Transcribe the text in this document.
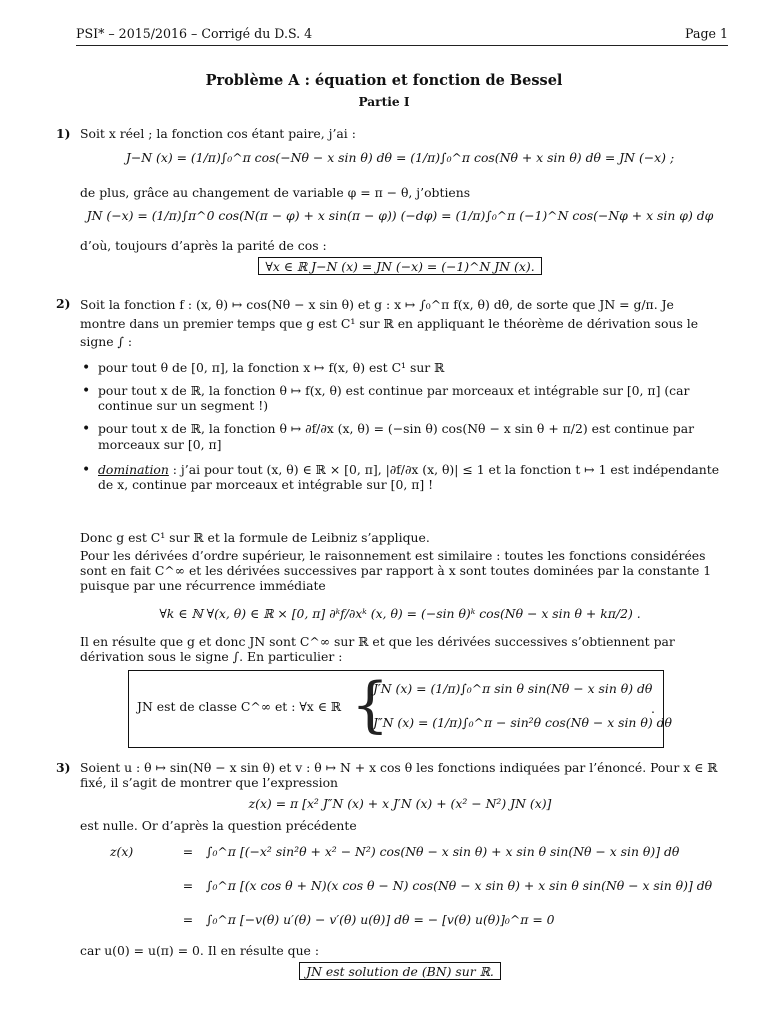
PSI* – 2015/2016 – Corrigé du D.S. 4	Page 1
Problème A : équation et fonction de Bessel
Partie I
1) Soit x réel ; la fonction cos étant paire, j’ai :
J−N (x) = (1/π)∫₀^π cos(−Nθ − x sin θ) dθ = (1/π)∫₀^π cos(Nθ + x sin θ) dθ = JN (−x) ;
de plus, grâce au changement de variable φ = π − θ, j’obtiens
JN (−x) = (1/π)∫π^0 cos(N(π − φ) + x sin(π − φ)) (−dφ) = (1/π)∫₀^π (−1)^N cos(−Nφ + x sin φ) dφ
d’où, toujours d’après la parité de cos :
∀x ∈ ℝ J−N (x) = JN (−x) = (−1)^N JN (x).
2) Soit la fonction f : (x, θ) ↦ cos(Nθ − x sin θ) et g : x ↦ ∫₀^π f(x, θ) dθ, de sorte que JN = g/π. Je montre dans un premier temps que g est C¹ sur ℝ en appliquant le théorème de dérivation sous le signe ∫ :
• pour tout θ de [0, π], la fonction x ↦ f(x, θ) est C¹ sur ℝ
• pour tout x de ℝ, la fonction θ ↦ f(x, θ) est continue par morceaux et intégrable sur [0, π] (car continue sur un segment !)
• pour tout x de ℝ, la fonction θ ↦ ∂f/∂x (x, θ) = (−sin θ) cos(Nθ − x sin θ + π/2) est continue par morceaux sur [0, π]
• domination : j’ai pour tout (x, θ) ∈ ℝ × [0, π], |∂f/∂x (x, θ)| ≤ 1 et la fonction t ↦ 1 est indépendante de x, continue par morceaux et intégrable sur [0, π] !
Donc g est C¹ sur ℝ et la formule de Leibniz s’applique.
Pour les dérivées d’ordre supérieur, le raisonnement est similaire : toutes les fonctions considérées sont en fait C^∞ et les dérivées successives par rapport à x sont toutes dominées par la constante 1 puisque par une récurrence immédiate
∀k ∈ ℕ ∀(x, θ) ∈ ℝ × [0, π] ∂ᵏf/∂xᵏ (x, θ) = (−sin θ)ᵏ cos(Nθ − x sin θ + kπ/2) .
Il en résulte que g et donc JN sont C^∞ sur ℝ et que les dérivées successives s’obtiennent par dérivation sous le signe ∫. En particulier :
JN est de classe C^∞ et : ∀x ∈ ℝ {
J′N (x) = (1/π)∫₀^π sin θ sin(Nθ − x sin θ) dθ
J″N (x) = (1/π)∫₀^π − sin²θ cos(Nθ − x sin θ) dθ
.
3) Soient u : θ ↦ sin(Nθ − x sin θ) et v : θ ↦ N + x cos θ les fonctions indiquées par l’énoncé. Pour x ∈ ℝ fixé, il s’agit de montrer que l’expression
z(x) = π [x² J″N (x) + x J′N (x) + (x² − N²) JN (x)]
est nulle. Or d’après la question précédente
z(x)	= ∫₀^π [(−x² sin²θ + x² − N²) cos(Nθ − x sin θ) + x sin θ sin(Nθ − x sin θ)] dθ
= ∫₀^π [(x cos θ + N)(x cos θ − N) cos(Nθ − x sin θ) + x sin θ sin(Nθ − x sin θ)] dθ
= ∫₀^π [−v(θ) u′(θ) − v′(θ) u(θ)] dθ = − [v(θ) u(θ)]₀^π = 0
car u(0) = u(π) = 0. Il en résulte que :
JN est solution de (BN) sur ℝ.
